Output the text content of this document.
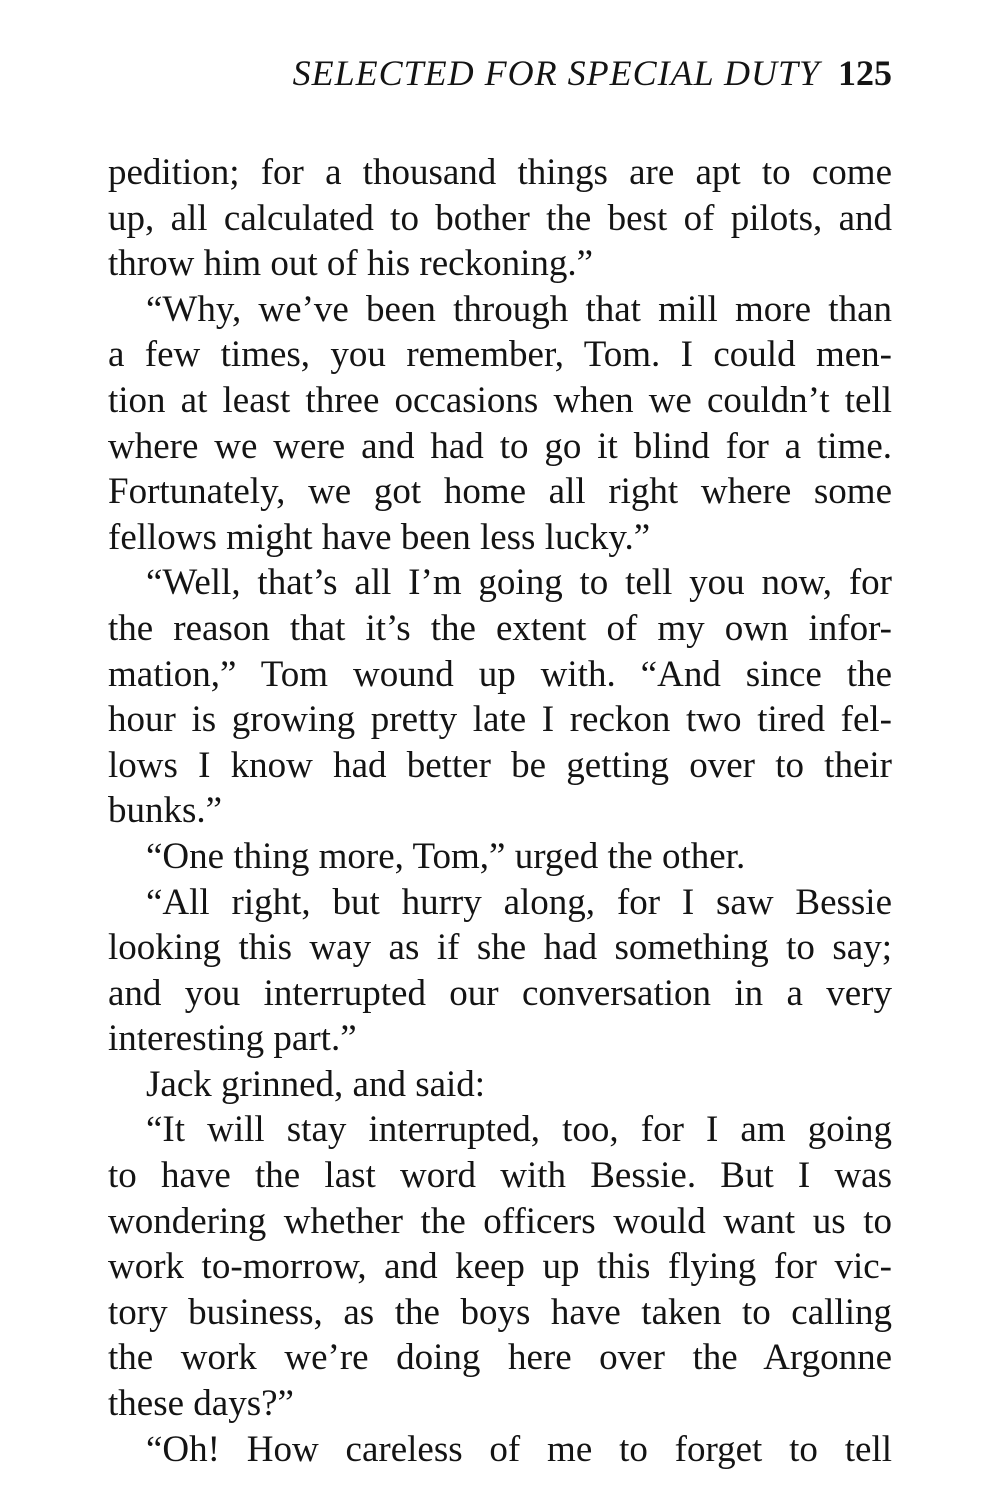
SELECTED FOR SPECIAL DUTY 125
pedition; for a thousand things are apt to come
up, all calculated to bother the best of pilots, and
throw him out of his reckoning.”
“Why, we’ve been through that mill more than
a few times, you remember, Tom. I could men-
tion at least three occasions when we couldn’t tell
where we were and had to go it blind for a time.
Fortunately, we got home all right where some
fellows might have been less lucky.”
“Well, that’s all I’m going to tell you now, for
the reason that it’s the extent of my own infor-
mation,” Tom wound up with. “And since the
hour is growing pretty late I reckon two tired fel-
lows I know had better be getting over to their
bunks.”
“One thing more, Tom,” urged the other.
“All right, but hurry along, for I saw Bessie
looking this way as if she had something to say;
and you interrupted our conversation in a very
interesting part.”
Jack grinned, and said:
“It will stay interrupted, too, for I am going
to have the last word with Bessie. But I was
wondering whether the officers would want us to
work to-morrow, and keep up this flying for vic-
tory business, as the boys have taken to calling
the work we’re doing here over the Argonne
these days?”
“Oh! How careless of me to forget to tell
